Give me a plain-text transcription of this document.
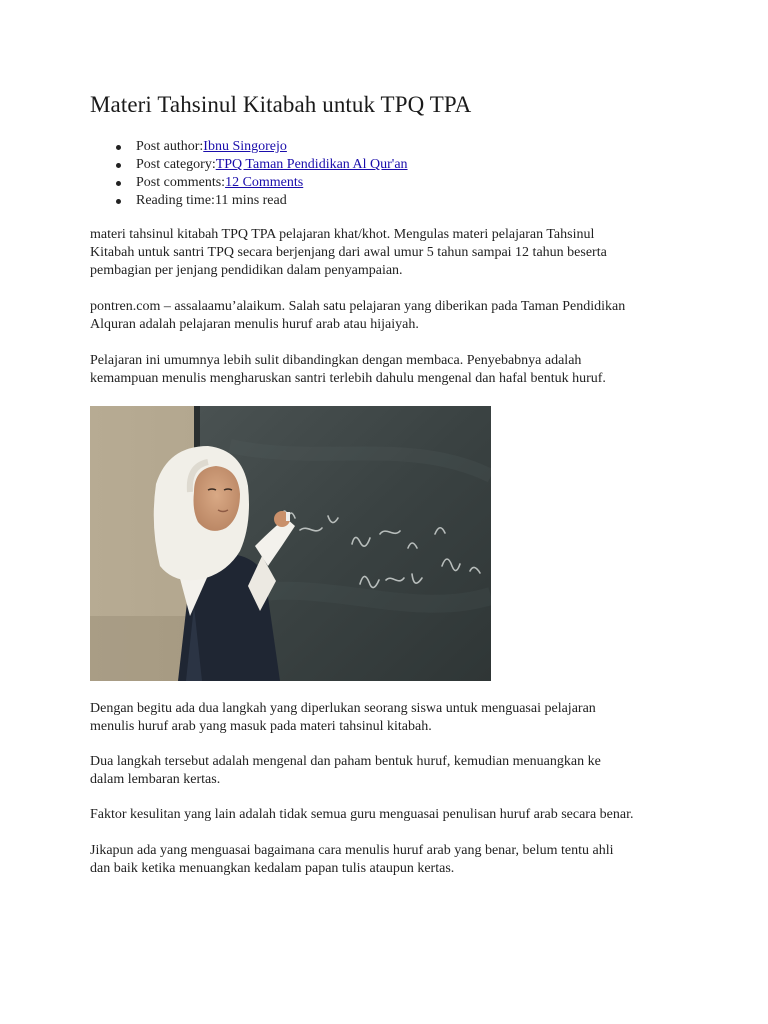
Materi Tahsinul Kitabah untuk TPQ TPA
Post author:Ibnu Singorejo
Post category:TPQ Taman Pendidikan Al Qur'an
Post comments:12 Comments
Reading time:11 mins read

materi tahsinul kitabah TPQ TPA pelajaran khat/khot. Mengulas materi pelajaran Tahsinul
Kitabah untuk santri TPQ secara berjenjang dari awal umur 5 tahun sampai 12 tahun beserta
pembagian per jenjang pendidikan dalam penyampaian.

pontren.com – assalaamu’alaikum. Salah satu pelajaran yang diberikan pada Taman Pendidikan
Alquran adalah pelajaran menulis huruf arab atau hijaiyah.

Pelajaran ini umumnya lebih sulit dibandingkan dengan membaca. Penyebabnya adalah
kemampuan menulis mengharuskan santri terlebih dahulu mengenal dan hafal bentuk huruf.

Dengan begitu ada dua langkah yang diperlukan seorang siswa untuk menguasai pelajaran
menulis huruf arab yang masuk pada materi tahsinul kitabah.

Dua langkah tersebut adalah mengenal dan paham bentuk huruf, kemudian menuangkan ke
dalam lembaran kertas.

Faktor kesulitan yang lain adalah tidak semua guru menguasai penulisan huruf arab secara benar.

Jikapun ada yang menguasai bagaimana cara menulis huruf arab yang benar, belum tentu ahli
dan baik ketika menuangkan kedalam papan tulis ataupun kertas.
